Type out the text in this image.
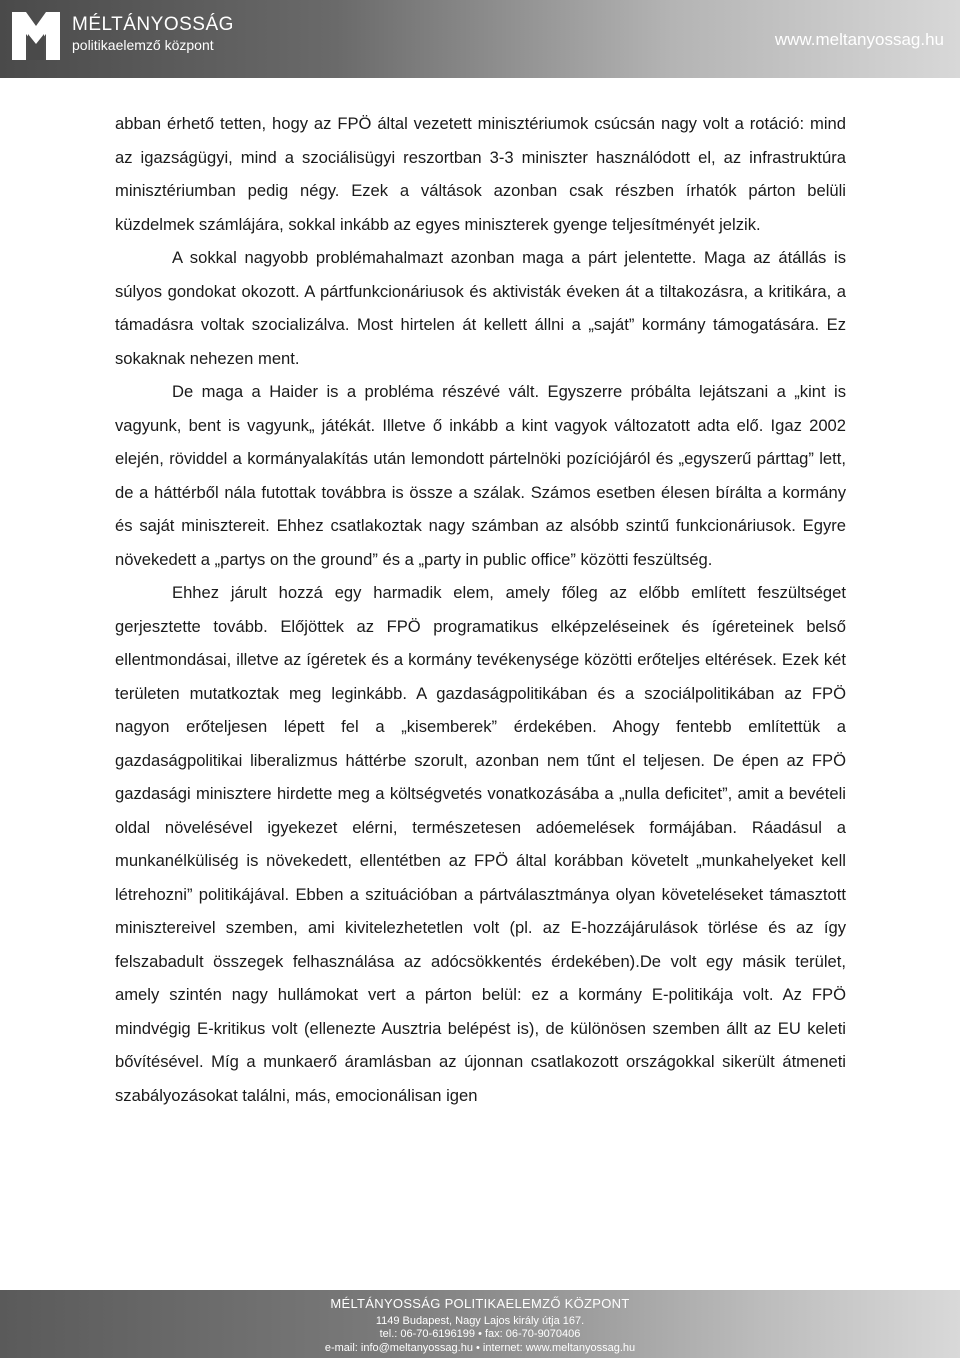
MÉLTÁNYOSSÁG
politikaelemző központ	www.meltanyossag.hu

abban érhető tetten, hogy az FPÖ által vezetett minisztériumok csúcsán nagy volt a rotáció: mind az igazságügyi, mind a szociálisügyi reszortban 3-3 miniszter használódott el, az infrastruktúra minisztériumban pedig négy. Ezek a váltások azonban csak részben írhatók párton belüli küzdelmek számlájára, sokkal inkább az egyes miniszterek gyenge teljesítményét jelzik.

A sokkal nagyobb problémahalmazt azonban maga a párt jelentette. Maga az átállás is súlyos gondokat okozott. A pártfunkcionáriusok és aktivisták éveken át a tiltakozásra, a kritikára, a támadásra voltak szocializálva. Most hirtelen át kellett állni a „saját” kormány támogatására. Ez sokaknak nehezen ment.

De maga a Haider is a probléma részévé vált. Egyszerre próbálta lejátszani a „kint is vagyunk, bent is vagyunk„ játékát. Illetve ő inkább a kint vagyok változatott adta elő. Igaz 2002 elején, röviddel a kormányalakítás után lemondott pártelnöki pozíciójáról és „egyszerű párttag” lett, de a háttérből nála futottak továbbra is össze a szálak. Számos esetben élesen bírálta a kormány és saját minisztereit. Ehhez csatlakoztak nagy számban az alsóbb szintű funkcionáriusok. Egyre növekedett a „partys on the ground” és a „party in public office” közötti feszültség.

Ehhez járult hozzá egy harmadik elem, amely főleg az előbb említett feszültséget gerjesztette tovább. Előjöttek az FPÖ programatikus elképzeléseinek és ígéreteinek belső ellentmondásai, illetve az ígéretek és a kormány tevékenysége közötti erőteljes eltérések. Ezek két területen mutatkoztak meg leginkább. A gazdaságpolitikában és a szociálpolitikában az FPÖ nagyon erőteljesen lépett fel a „kisemberek” érdekében. Ahogy fentebb említettük a gazdaságpolitikai liberalizmus háttérbe szorult, azonban nem tűnt el teljesen. De épen az FPÖ gazdasági minisztere hirdette meg a költségvetés vonatkozásába a „nulla deficitet”, amit a bevételi oldal növelésével igyekezet elérni, természetesen adóemelések formájában. Ráadásul a munkanélküliség is növekedett, ellentétben az FPÖ által korábban követelt „munkahelyeket kell létrehozni” politikájával. Ebben a szituációban a pártválasztmánya olyan követeléseket támasztott minisztereivel szemben, ami kivitelezhetetlen volt (pl. az E-hozzájárulások törlése és az így felszabadult összegek felhasználása az adócsökkentés érdekében).De volt egy másik terület, amely szintén nagy hullámokat vert a párton belül: ez a kormány E-politikája volt. Az FPÖ mindvégig E-kritikus volt (ellenezte Ausztria belépést is), de különösen szemben állt az EU keleti bővítésével. Míg a munkaerő áramlásban az újonnan csatlakozott országokkal sikerült átmeneti szabályozásokat találni, más, emocionálisan igen

MÉLTÁNYOSSÁG POLITIKAELEMZŐ KÖZPONT
1149 Budapest, Nagy Lajos király útja 167.
tel.: 06-70-6196199 • fax: 06-70-9070406
e-mail: info@meltanyossag.hu • internet: www.meltanyossag.hu
